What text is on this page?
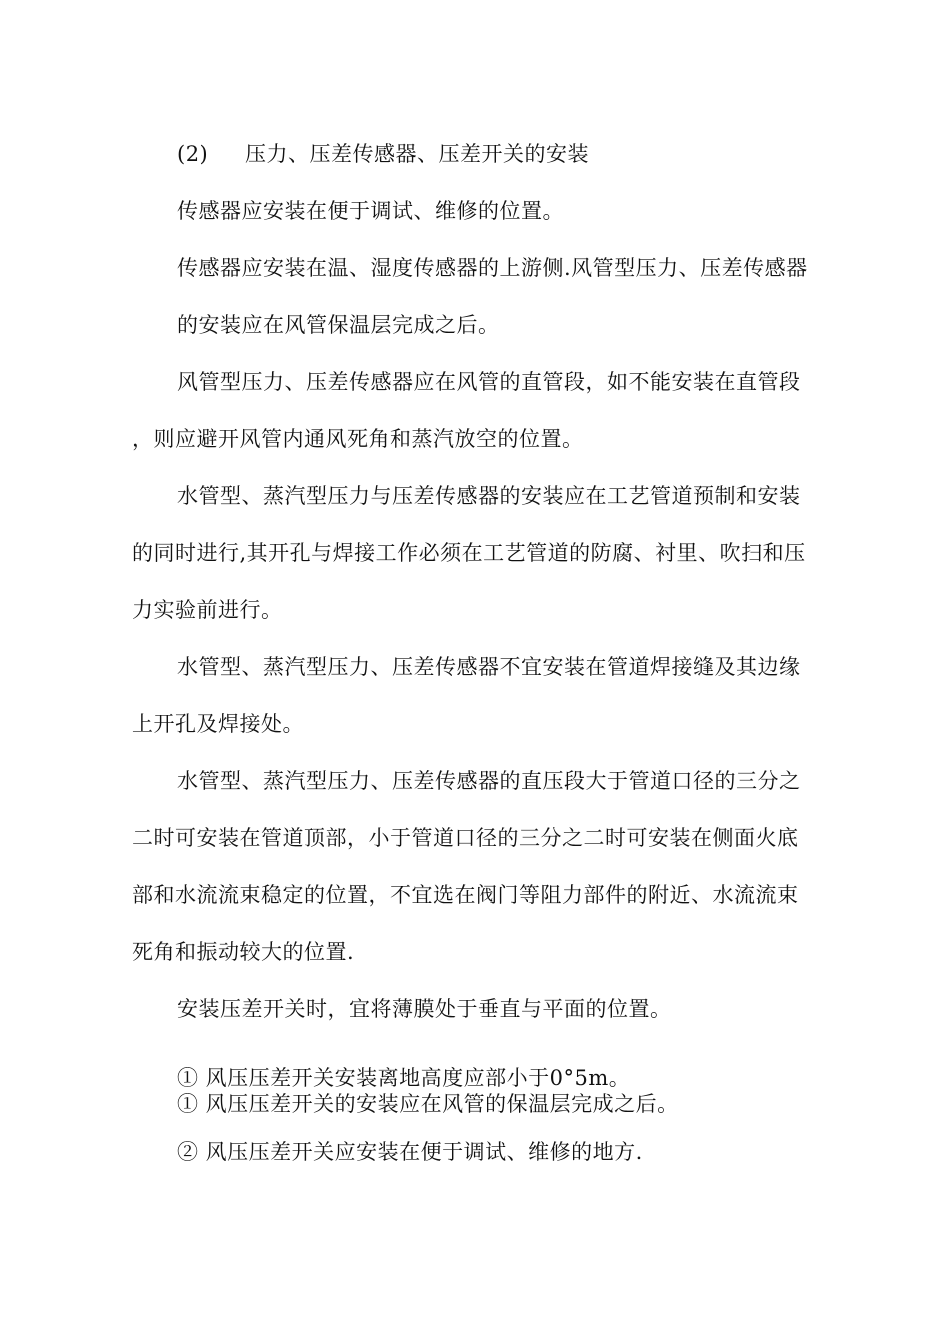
(2) 压力、压差传感器、压差开关的安装
传感器应安装在便于调试、维修的位置。
传感器应安装在温、湿度传感器的上游侧.风管型压力、压差传感器
的安装应在风管保温层完成之后。
风管型压力、压差传感器应在风管的直管段，如不能安装在直管段
，则应避开风管内通风死角和蒸汽放空的位置。
水管型、蒸汽型压力与压差传感器的安装应在工艺管道预制和安装
的同时进行,其开孔与焊接工作必须在工艺管道的防腐、衬里、吹扫和压
力实验前进行。
水管型、蒸汽型压力、压差传感器不宜安装在管道焊接缝及其边缘
上开孔及焊接处。
水管型、蒸汽型压力、压差传感器的直压段大于管道口径的三分之
二时可安装在管道顶部，小于管道口径的三分之二时可安装在侧面火底
部和水流流束稳定的位置，不宜选在阀门等阻力部件的附近、水流流束
死角和振动较大的位置.
安装压差开关时，宜将薄膜处于垂直与平面的位置。
① 风压压差开关安装离地高度应部小于0°5m。
① 风压压差开关的安装应在风管的保温层完成之后。
② 风压压差开关应安装在便于调试、维修的地方.
